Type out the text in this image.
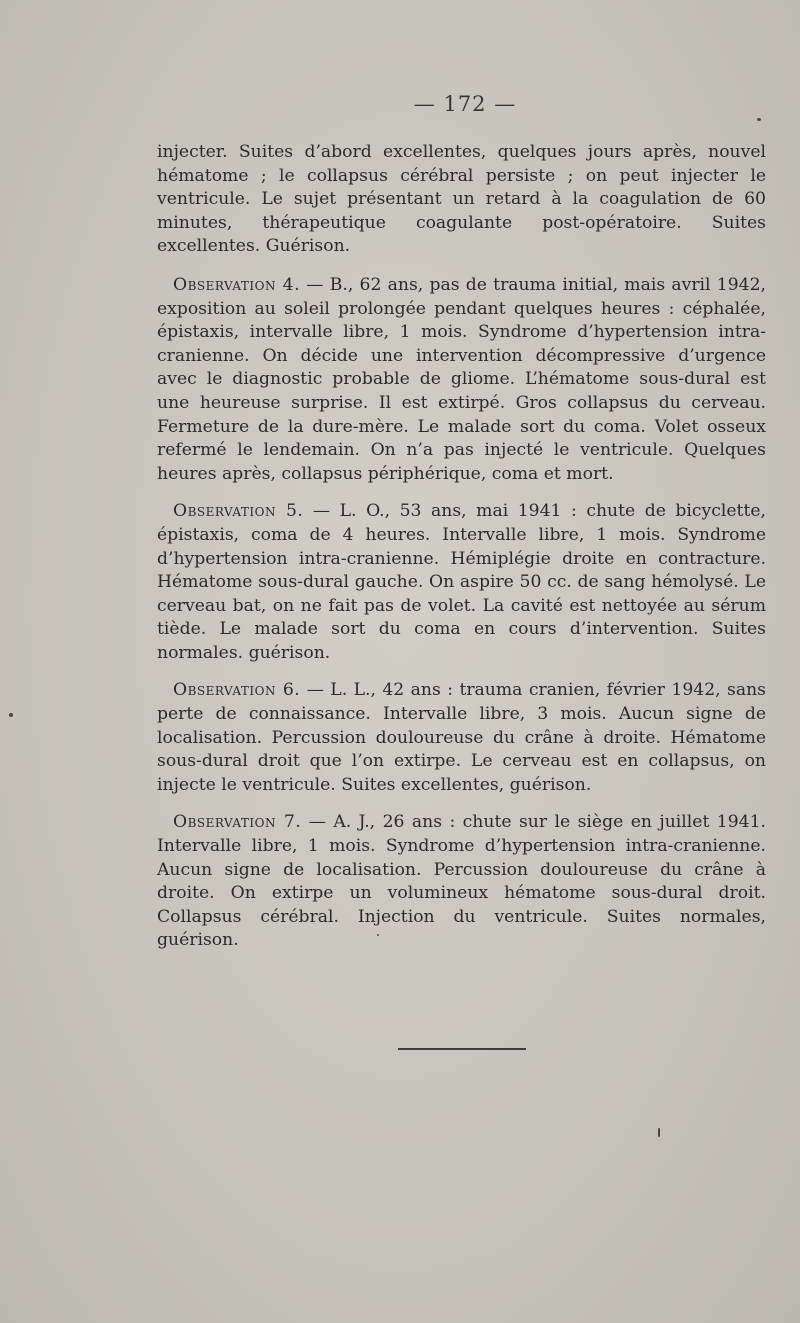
— 172 —

injecter. Suites d’abord excellentes, quelques jours après, nouvel hématome ; le collapsus cérébral persiste ; on peut injecter le ventricule. Le sujet présentant un retard à la coagulation de 60 minutes, thérapeutique coagulante post-opératoire. Suites excellentes. Guérison.

Observation 4. — B., 62 ans, pas de trauma initial, mais avril 1942, exposition au soleil prolongée pendant quelques heures : céphalée, épistaxis, intervalle libre, 1 mois. Syndrome d’hypertension intra-cranienne. On décide une intervention décompressive d’urgence avec le diagnostic probable de gliome. L’hématome sous-dural est une heureuse surprise. Il est extirpé. Gros collapsus du cerveau. Fermeture de la dure-mère. Le malade sort du coma. Volet osseux refermé le lendemain. On n’a pas injecté le ventricule. Quelques heures après, collapsus périphérique, coma et mort.

Observation 5. — L. O., 53 ans, mai 1941 : chute de bicyclette, épistaxis, coma de 4 heures. Intervalle libre, 1 mois. Syndrome d’hypertension intra-cranienne. Hémiplégie droite en contracture. Hématome sous-dural gauche. On aspire 50 cc. de sang hémolysé. Le cerveau bat, on ne fait pas de volet. La cavité est nettoyée au sérum tiède. Le malade sort du coma en cours d’intervention. Suites normales. guérison.

Observation 6. — L. L., 42 ans : trauma cranien, février 1942, sans perte de connaissance. Intervalle libre, 3 mois. Aucun signe de localisation. Percussion douloureuse du crâne à droite. Hématome sous-dural droit que l’on extirpe. Le cerveau est en collapsus, on injecte le ventricule. Suites excellentes, guérison.

Observation 7. — A. J., 26 ans : chute sur le siège en juillet 1941. Intervalle libre, 1 mois. Syndrome d’hypertension intra-cranienne. Aucun signe de localisation. Percussion douloureuse du crâne à droite. On extirpe un volumineux hématome sous-dural droit. Collapsus cérébral. Injection du ventricule. Suites normales, guérison.
